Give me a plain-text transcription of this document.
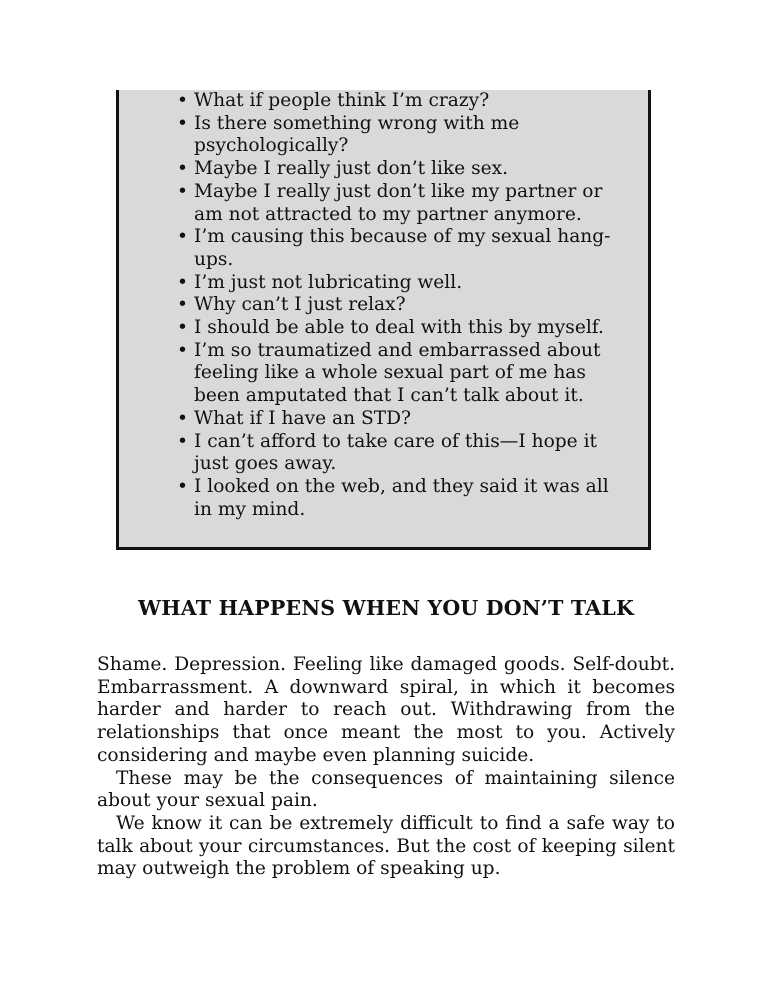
• What if people think I’m crazy?
• Is there something wrong with me psychologically?
• Maybe I really just don’t like sex.
• Maybe I really just don’t like my partner or am not attracted to my partner anymore.
• I’m causing this because of my sexual hang-ups.
• I’m just not lubricating well.
• Why can’t I just relax?
• I should be able to deal with this by myself.
• I’m so traumatized and embarrassed about feeling like a whole sexual part of me has been amputated that I can’t talk about it.
• What if I have an STD?
• I can’t afford to take care of this—I hope it just goes away.
• I looked on the web, and they said it was all in my mind.
WHAT HAPPENS WHEN YOU DON’T TALK

Shame. Depression. Feeling like damaged goods. Self-doubt. Embarrassment. A downward spiral, in which it becomes harder and harder to reach out. Withdrawing from the relationships that once meant the most to you. Actively considering and maybe even planning suicide.

These may be the consequences of maintaining silence about your sexual pain.

We know it can be extremely difficult to find a safe way to talk about your circumstances. But the cost of keeping silent may outweigh the problem of speaking up.
